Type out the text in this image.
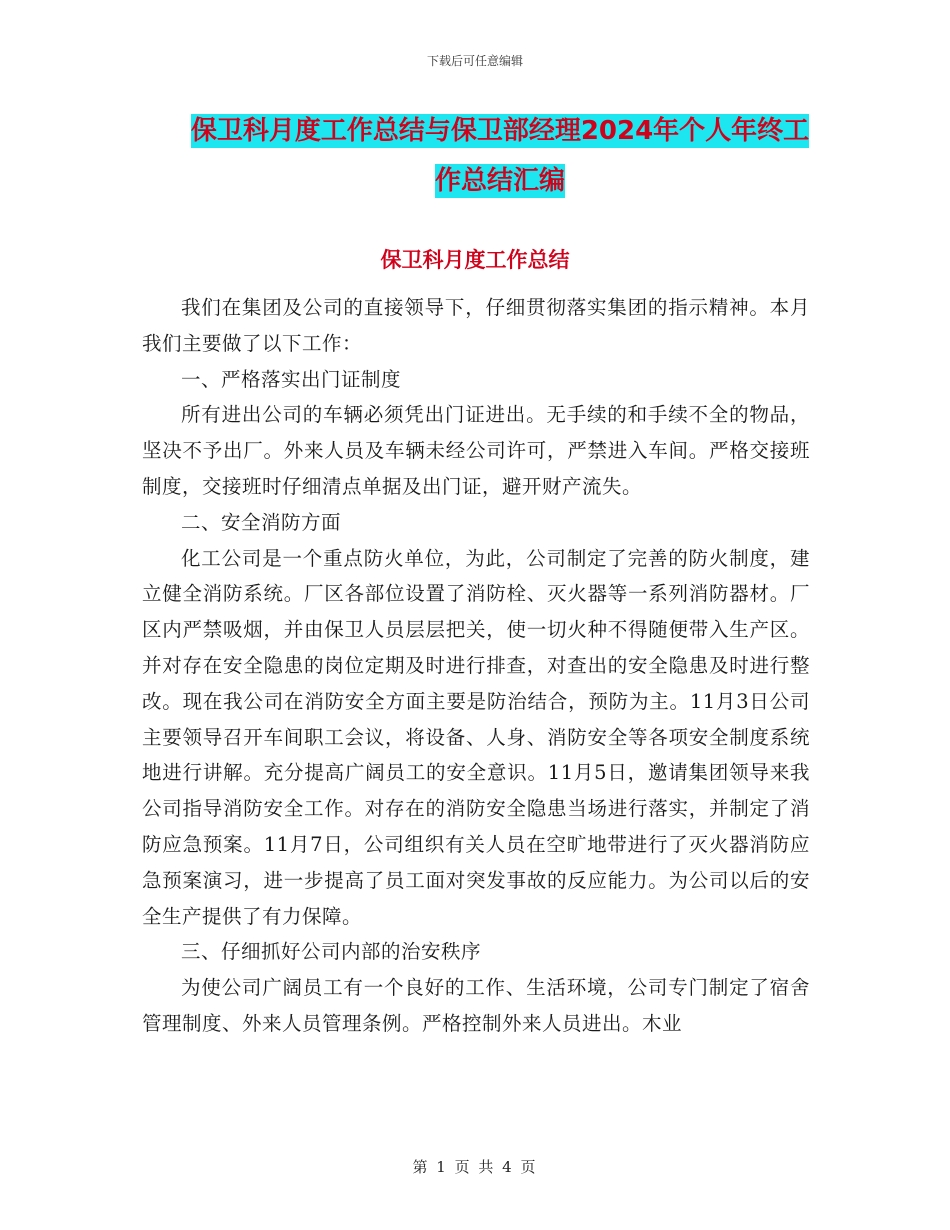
下载后可任意编辑
保卫科月度工作总结与保卫部经理2024年个人年终工
作总结汇编
保卫科月度工作总结

我们在集团及公司的直接领导下，仔细贯彻落实集团的指示精神。本月我们主要做了以下工作：

一、严格落实出门证制度

所有进出公司的车辆必须凭出门证进出。无手续的和手续不全的物品，坚决不予出厂。外来人员及车辆未经公司许可，严禁进入车间。严格交接班制度，交接班时仔细清点单据及出门证，避开财产流失。

二、安全消防方面

化工公司是一个重点防火单位，为此，公司制定了完善的防火制度，建立健全消防系统。厂区各部位设置了消防栓、灭火器等一系列消防器材。厂区内严禁吸烟，并由保卫人员层层把关，使一切火种不得随便带入生产区。并对存在安全隐患的岗位定期及时进行排查，对查出的安全隐患及时进行整改。现在我公司在消防安全方面主要是防治结合，预防为主。11月3日公司主要领导召开车间职工会议，将设备、人身、消防安全等各项安全制度系统地进行讲解。充分提高广阔员工的安全意识。11月5日，邀请集团领导来我公司指导消防安全工作。对存在的消防安全隐患当场进行落实，并制定了消防应急预案。11月7日，公司组织有关人员在空旷地带进行了灭火器消防应急预案演习，进一步提高了员工面对突发事故的反应能力。为公司以后的安全生产提供了有力保障。

三、仔细抓好公司内部的治安秩序

为使公司广阔员工有一个良好的工作、生活环境，公司专门制定了宿舍管理制度、外来人员管理条例。严格控制外来人员进出。木业

第 1 页 共 4 页
